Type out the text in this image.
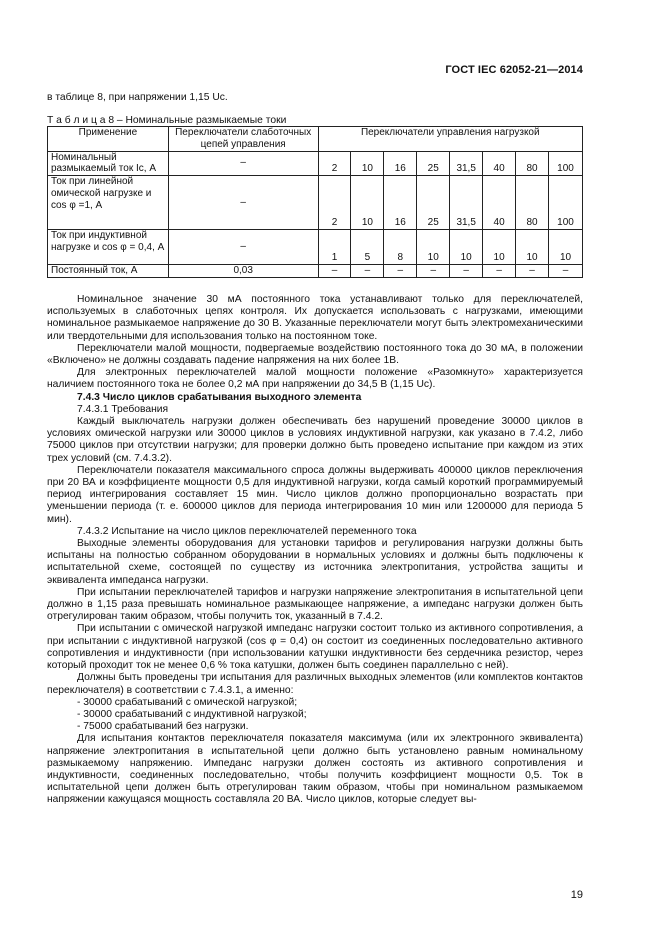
ГОСТ IEC 62052-21—2014
в таблице 8, при напряжении 1,15 Uс.
Т а б л и ц а 8 – Номинальные размыкаемые токи
Применение	Переключатели слаботочных цепей управления	Переключатели управления нагрузкой							
Номинальный размыкаемый ток Iс, А	–	2	10	16	25	31,5	40	80	100
Ток при линейной омической нагрузке и cos φ =1, А	–	2	10	16	25	31,5	40	80	100
Ток при индуктивной нагрузке и cos φ = 0,4, А	–	1	5	8	10	10	10	10	10
Постоянный ток, А	0,03	–	–	–	–	–	–	–	–

Номинальное значение 30 мА постоянного тока устанавливают только для переключателей, используемых в слаботочных цепях контроля. Их допускается использовать с нагрузками, имеющими номинальное размыкаемое напряжение до 30 В. Указанные переключатели могут быть электромеханическими или твердотельными для использования только на постоянном токе.

Переключатели малой мощности, подвергаемые воздействию постоянного тока до 30 мА, в положении «Включено» не должны создавать падение напряжения на них более 1В.

Для электронных переключателей малой мощности положение «Разомкнуто» характеризуется наличием постоянного тока не более 0,2 мА при напряжении до 34,5 В (1,15 Uс).

7.4.3 Число циклов срабатывания выходного элемента

7.4.3.1 Требования

Каждый выключатель нагрузки должен обеспечивать без нарушений проведение 30000 циклов в условиях омической нагрузки или 30000 циклов в условиях индуктивной нагрузки, как указано в 7.4.2, либо 75000 циклов при отсутствии нагрузки; для проверки должно быть проведено испытание при каждом из этих трех условий (см. 7.4.3.2).

Переключатели показателя максимального спроса должны выдерживать 400000 циклов переключения при 20 ВА и коэффициенте мощности 0,5 для индуктивной нагрузки, когда самый короткий программируемый период интегрирования составляет 15 мин. Число циклов должно пропорционально возрастать при уменьшении периода (т. е. 600000 циклов для периода интегрирования 10 мин или 1200000 для периода 5 мин).

7.4.3.2 Испытание на число циклов переключателей переменного тока

Выходные элементы оборудования для установки тарифов и регулирования нагрузки должны быть испытаны на полностью собранном оборудовании в нормальных условиях и должны быть подключены к испытательной схеме, состоящей по существу из источника электропитания, устройства защиты и эквивалента импеданса нагрузки.

При испытании переключателей тарифов и нагрузки напряжение электропитания в испытательной цепи должно в 1,15 раза превышать номинальное размыкающее напряжение, а импеданс нагрузки должен быть отрегулирован таким образом, чтобы получить ток, указанный в 7.4.2.

При испытании с омической нагрузкой импеданс нагрузки состоит только из активного сопротивления, а при испытании с индуктивной нагрузкой (cos φ = 0,4) он состоит из соединенных последовательно активного сопротивления и индуктивности (при использовании катушки индуктивности без сердечника резистор, через который проходит ток не менее 0,6 % тока катушки, должен быть соединен параллельно с ней).

Должны быть проведены три испытания для различных выходных элементов (или комплектов контактов переключателя) в соответствии с 7.4.3.1, а именно:

- 30000 срабатываний с омической нагрузкой;

- 30000 срабатываний с индуктивной нагрузкой;

- 75000 срабатываний без нагрузки.

Для испытания контактов переключателя показателя максимума (или их электронного эквивалента) напряжение электропитания в испытательной цепи должно быть установлено равным номинальному размыкаемому напряжению. Импеданс нагрузки должен состоять из активного сопротивления и индуктивности, соединенных последовательно, чтобы получить коэффициент мощности 0,5. Ток в испытательной цепи должен быть отрегулирован таким образом, чтобы при номинальном размыкаемом напряжении кажущаяся мощность составляла 20 ВА. Число циклов, которые следует вы-

19
